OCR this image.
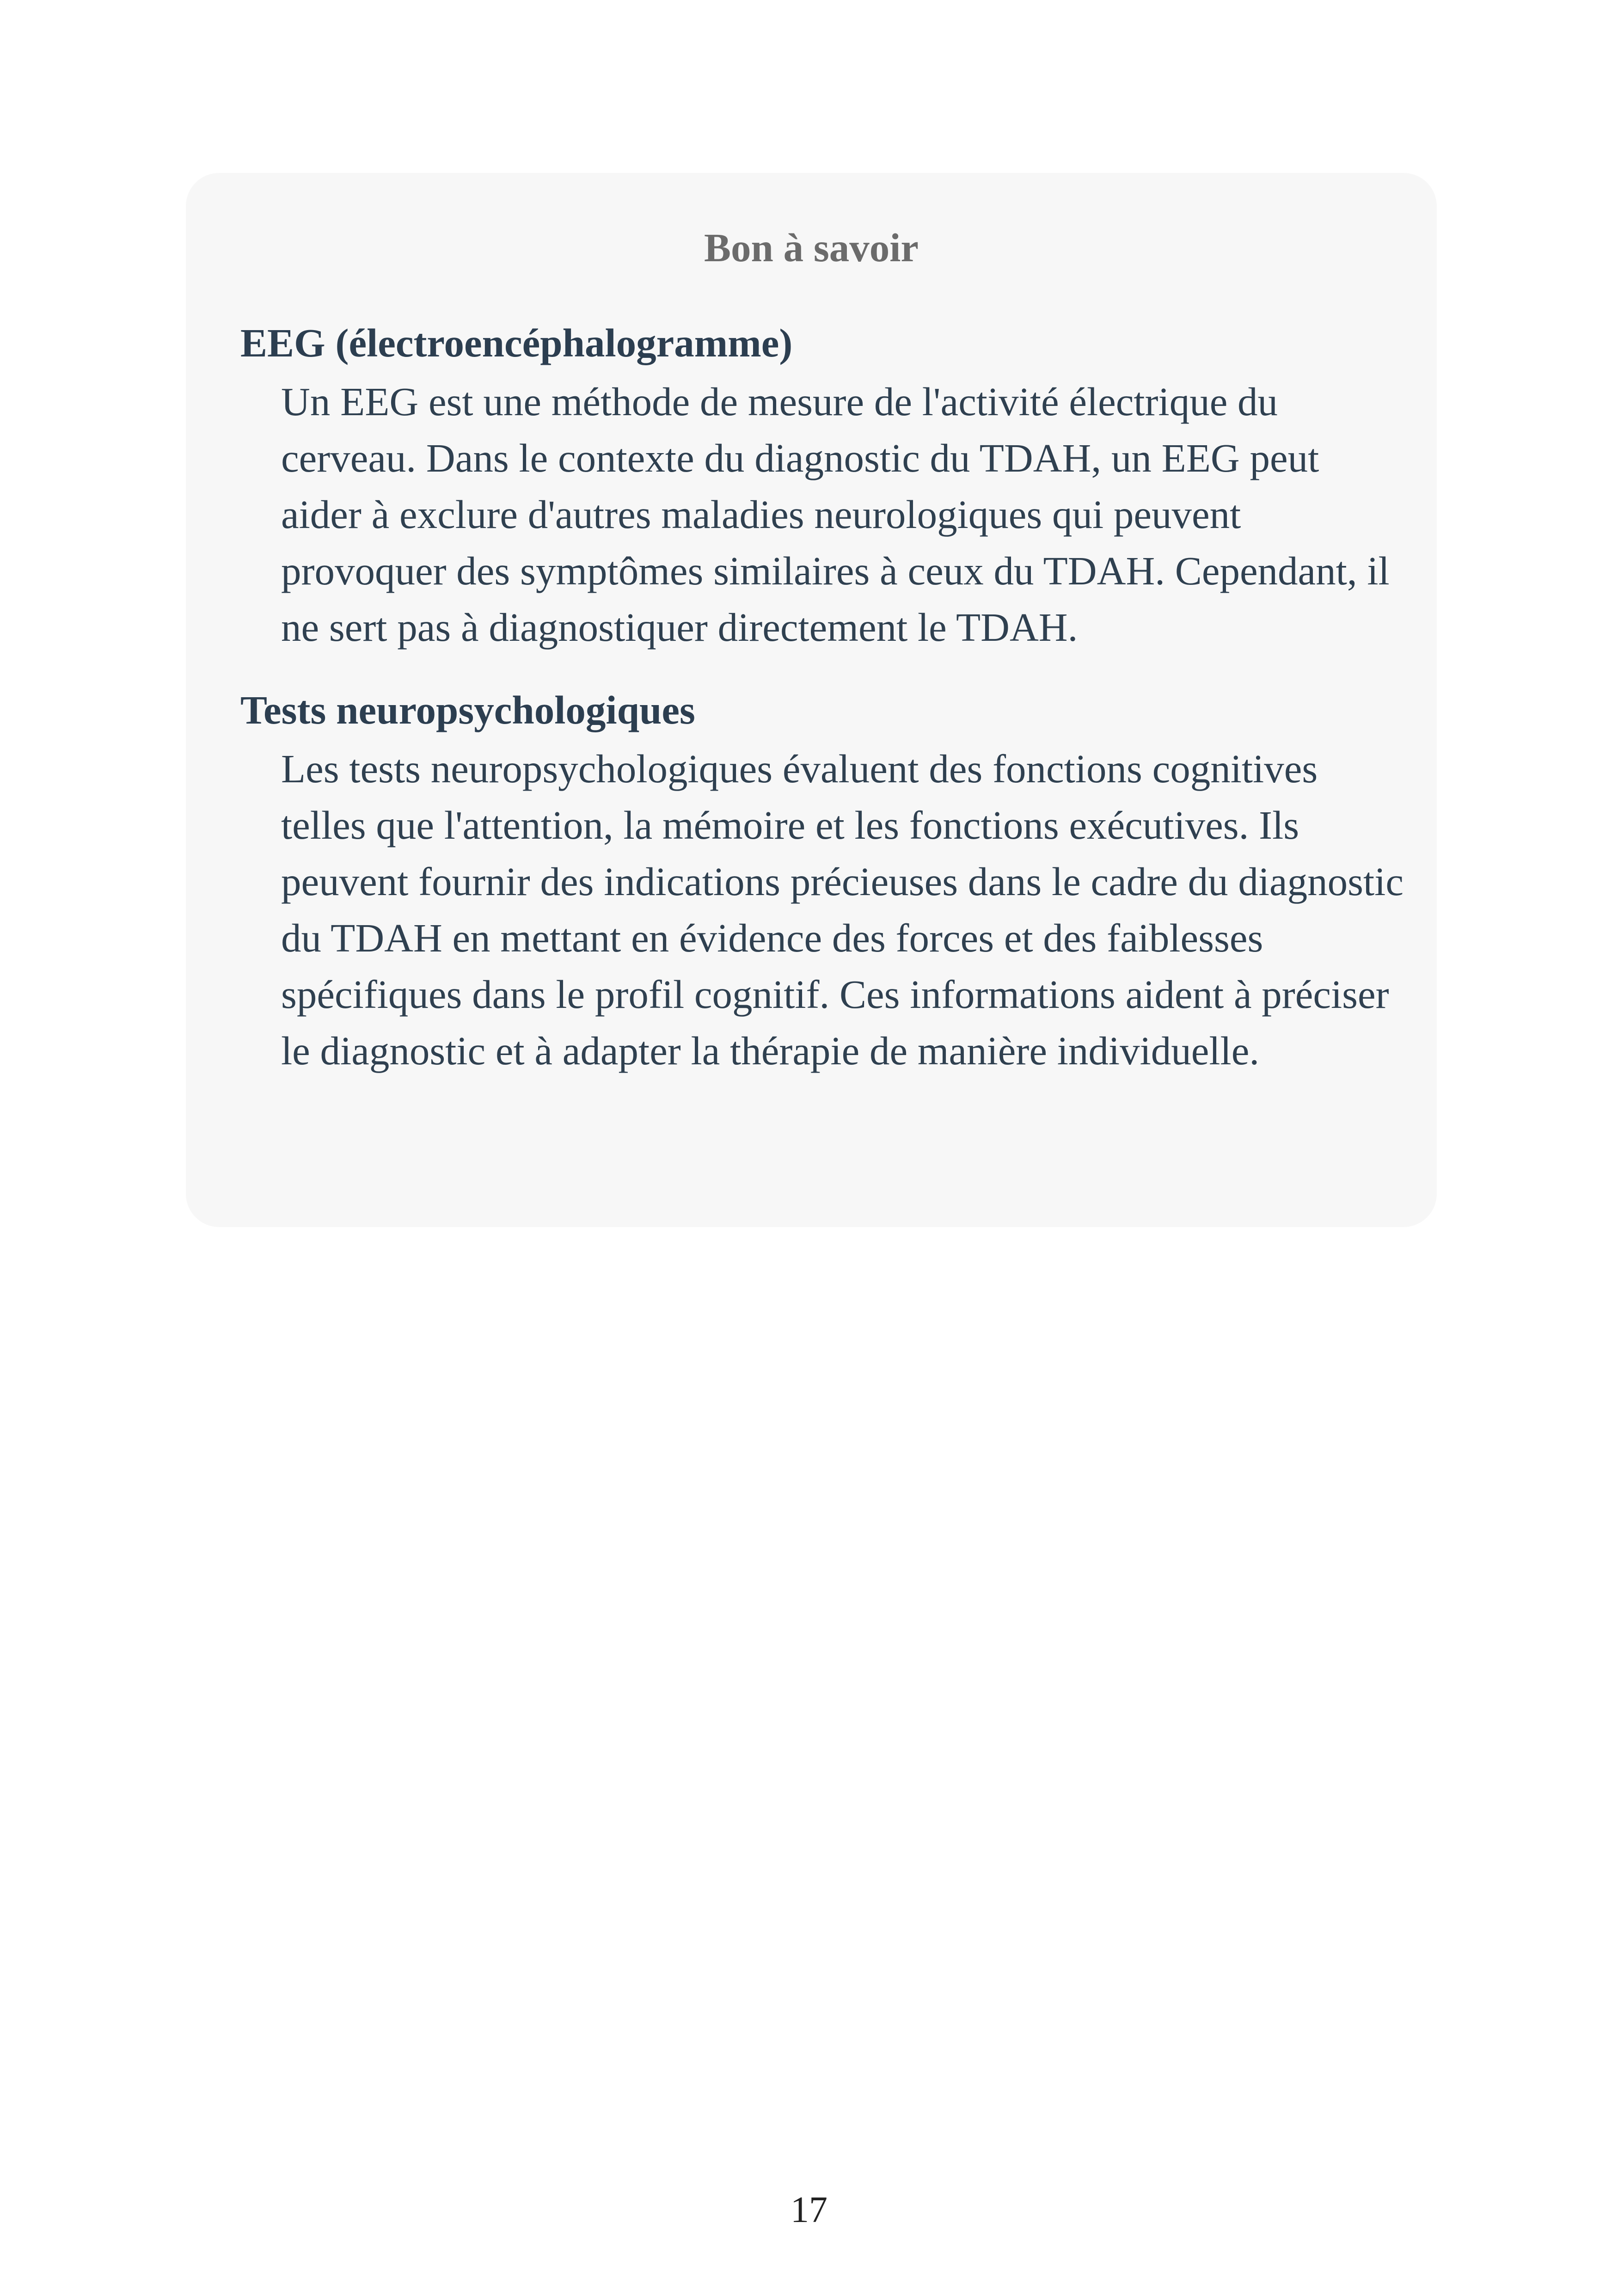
Bon à savoir
EEG (électroencéphalogramme)
Un EEG est une méthode de mesure de l'activité électrique du cerveau. Dans le contexte du diagnostic du TDAH, un EEG peut aider à exclure d'autres maladies neurologiques qui peuvent provoquer des symptômes similaires à ceux du TDAH. Cependant, il ne sert pas à diagnostiquer directement le TDAH.
Tests neuropsychologiques
Les tests neuropsychologiques évaluent des fonctions cognitives telles que l'attention, la mémoire et les fonctions exécutives. Ils peuvent fournir des indications précieuses dans le cadre du diagnostic du TDAH en mettant en évidence des forces et des faiblesses spécifiques dans le profil cognitif. Ces informations aident à préciser le diagnostic et à adapter la thérapie de manière individuelle.
17
